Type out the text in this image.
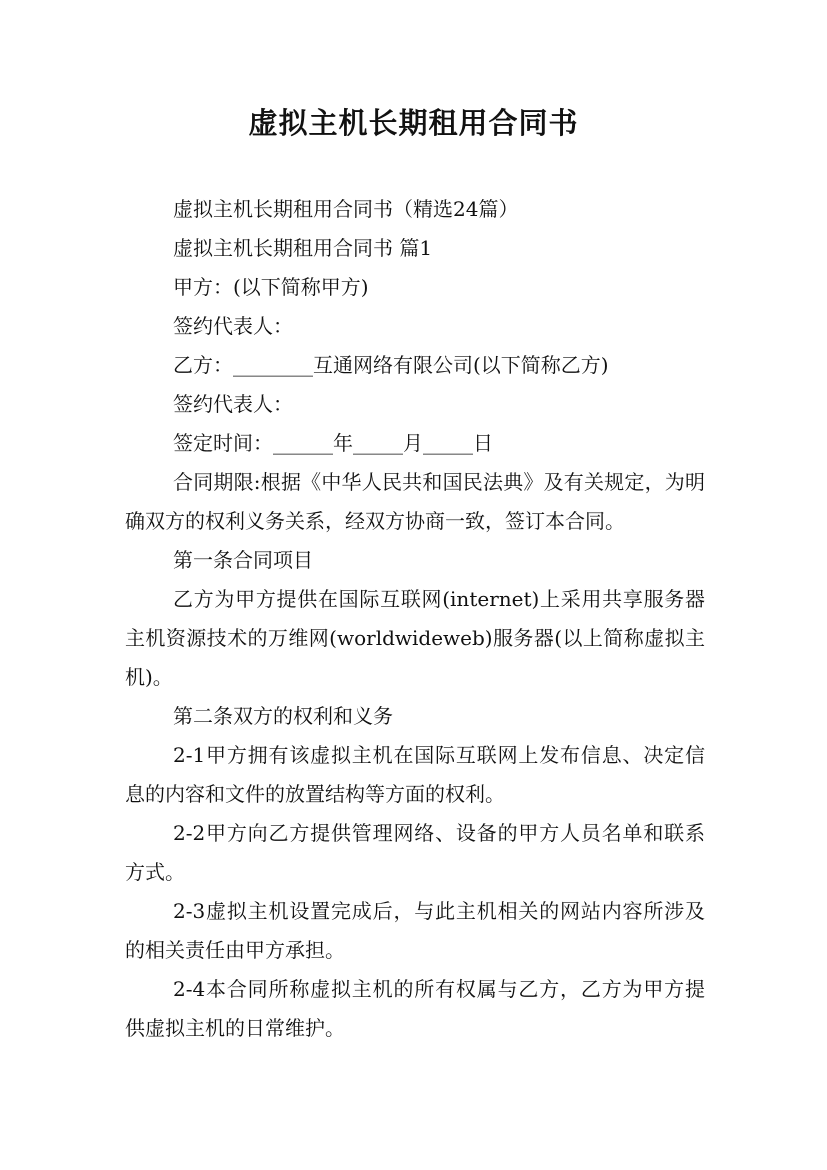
虚拟主机长期租用合同书

虚拟主机长期租用合同书（精选24篇）

虚拟主机长期租用合同书 篇1

甲方：(以下简称甲方)

签约代表人：

乙方：________互通网络有限公司(以下简称乙方)

签约代表人：

签定时间：______年_____月_____日

合同期限:根据《中华人民共和国民法典》及有关规定，为明确双方的权利义务关系，经双方协商一致，签订本合同。

第一条合同项目

乙方为甲方提供在国际互联网(internet)上采用共享服务器主机资源技术的万维网(worldwideweb)服务器(以上简称虚拟主机)。

第二条双方的权利和义务

2-1甲方拥有该虚拟主机在国际互联网上发布信息、决定信息的内容和文件的放置结构等方面的权利。

2-2甲方向乙方提供管理网络、设备的甲方人员名单和联系方式。

2-3虚拟主机设置完成后，与此主机相关的网站内容所涉及的相关责任由甲方承担。

2-4本合同所称虚拟主机的所有权属与乙方，乙方为甲方提供虚拟主机的日常维护。
